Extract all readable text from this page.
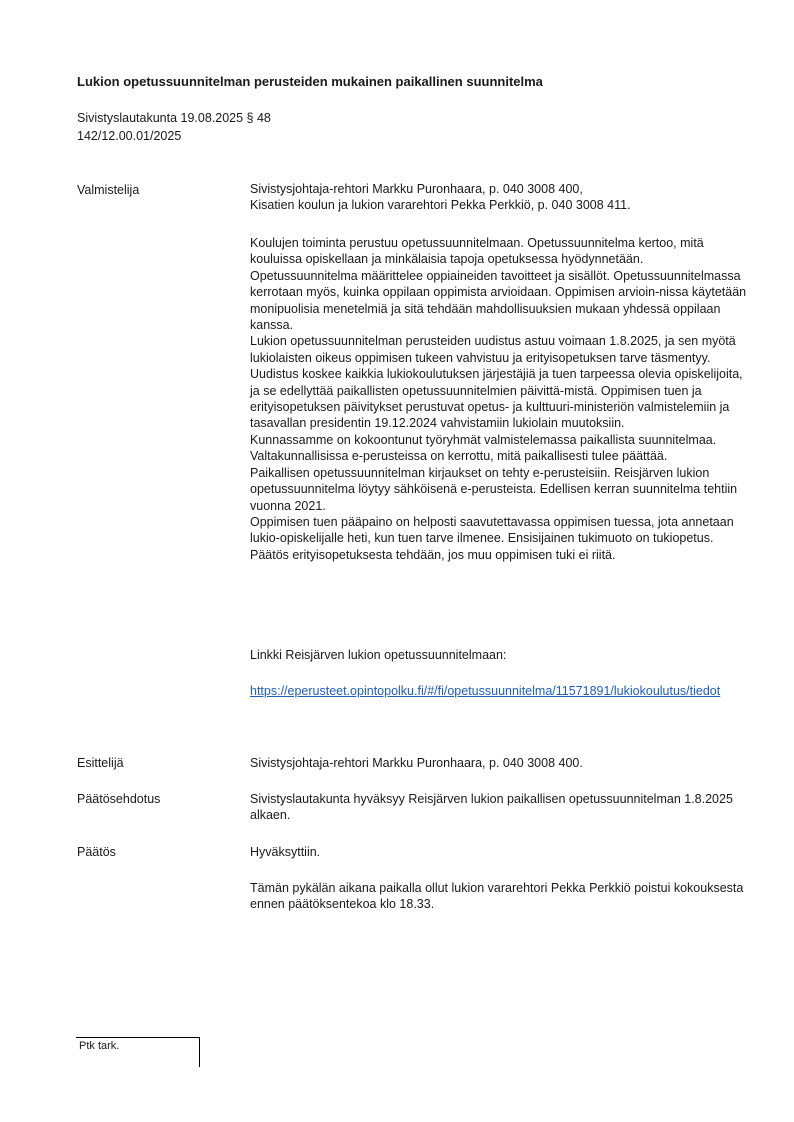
Lukion opetussuunnitelman perusteiden mukainen paikallinen suunnitelma
Sivistyslautakunta 19.08.2025 § 48
142/12.00.01/2025
Valmistelija	Sivistysjohtaja-rehtori Markku Puronhaara, p. 040 3008 400,

Kisatien koulun ja lukion vararehtori Pekka Perkkiö, p. 040 3008 411.

Koulujen toiminta perustuu opetussuunnitelmaan. Opetussuunnitelma kertoo, mitä kouluissa opiskellaan ja minkälaisia tapoja opetuksessa hyödynnetään. Opetussuunnitelma määrittelee oppiaineiden tavoitteet ja sisällöt. Opetussuunnitelmassa kerrotaan myös, kuinka oppilaan oppimista arvioidaan. Oppimisen arvioin-nissa käytetään monipuolisia menetelmiä ja sitä tehdään mahdollisuuksien mukaan yhdessä oppilaan kanssa.

Lukion opetussuunnitelman perusteiden uudistus astuu voimaan 1.8.2025, ja sen myötä lukiolaisten oikeus oppimisen tukeen vahvistuu ja erityisopetuksen tarve täsmentyy. Uudistus koskee kaikkia lukiokoulutuksen järjestäjiä ja tuen tarpeessa olevia opiskelijoita, ja se edellyttää paikallisten opetussuunnitelmien päivittä-mistä. Oppimisen tuen ja erityisopetuksen päivitykset perustuvat opetus- ja kulttuuri-ministeriön valmistelemiin ja tasavallan presidentin 19.12.2024 vahvistamiin lukiolain muutoksiin.

Kunnassamme on kokoontunut työryhmät valmistelemassa paikallista suunnitelmaa. Valtakunnallisissa e-perusteissa on kerrottu, mitä paikallisesti tulee päättää.

Paikallisen opetussuunnitelman kirjaukset on tehty e-perusteisiin. Reisjärven lukion opetussuunnitelma löytyy sähköisenä e-perusteista. Edellisen kerran suunnitelma tehtiin vuonna 2021.

Oppimisen tuen pääpaino on helposti saavutettavassa oppimisen tuessa, jota annetaan lukio-opiskelijalle heti, kun tuen tarve ilmenee. Ensisijainen tukimuoto on tukiopetus. Päätös erityisopetuksesta tehdään, jos muu oppimisen tuki ei riitä.

Linkki Reisjärven lukion opetussuunnitelmaan:
https://eperusteet.opintopolku.fi/#/fi/opetussuunnitelma/11571891/lukiokoulutus/tiedot
Esittelijä	Sivistysjohtaja-rehtori Markku Puronhaara, p. 040 3008 400.
Päätösehdotus	Sivistyslautakunta hyväksyy Reisjärven lukion paikallisen opetussuunnitelman 1.8.2025 alkaen.
Päätös	Hyväksyttiin.
Tämän pykälän aikana paikalla ollut lukion vararehtori Pekka Perkkiö poistui kokouksesta ennen päätöksentekoa klo 18.33.
Ptk tark.
